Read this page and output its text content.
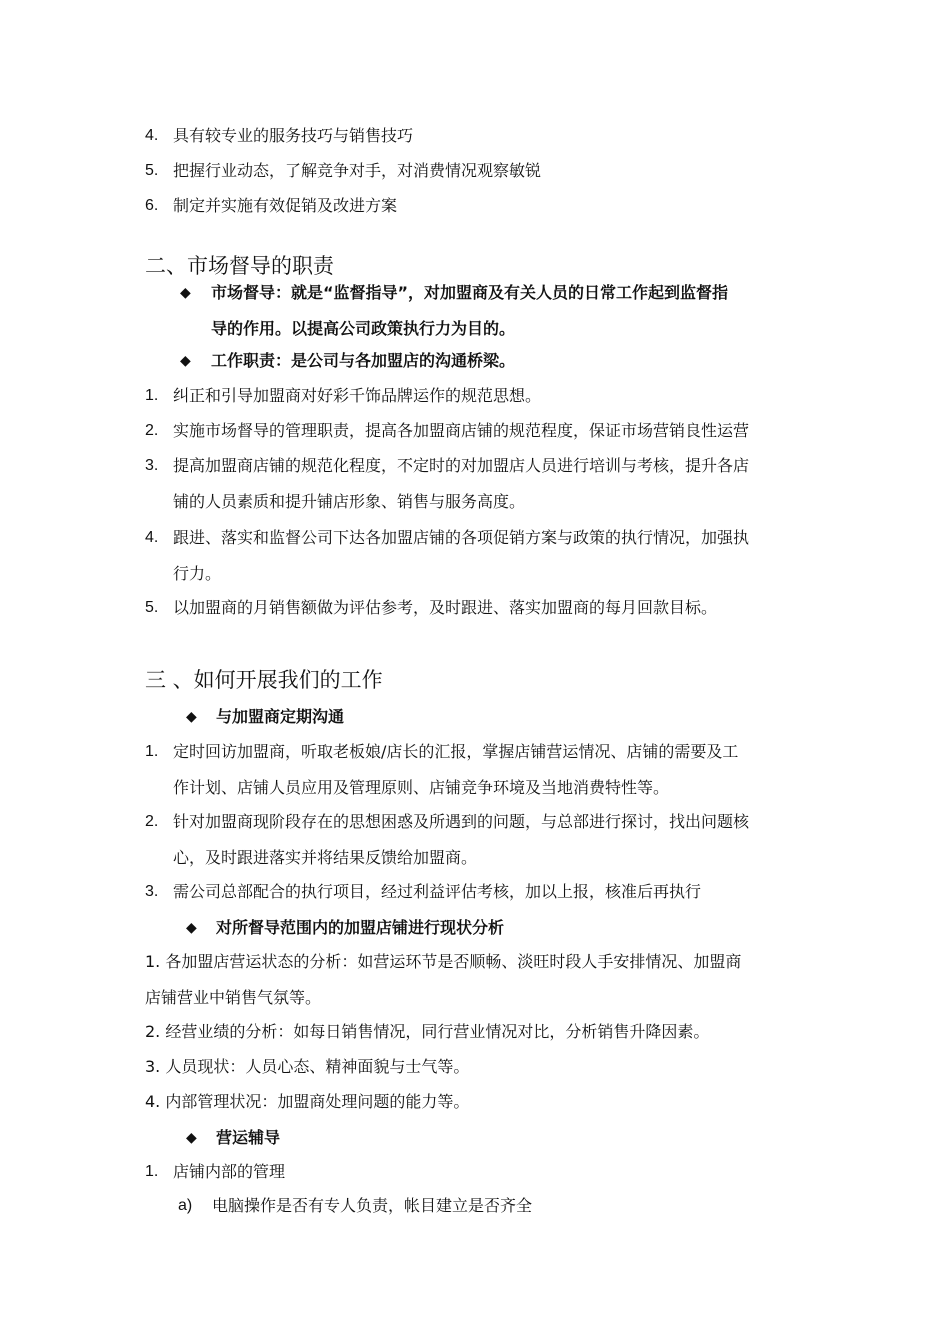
4. 具有较专业的服务技巧与销售技巧
5. 把握行业动态，了解竞争对手，对消费情况观察敏锐
6. 制定并实施有效促销及改进方案
二、市场督导的职责
◆ 市场督导：就是“监督指导”，对加盟商及有关人员的日常工作起到监督指
导的作用。以提高公司政策执行力为目的。
◆ 工作职责：是公司与各加盟店的沟通桥梁。
1. 纠正和引导加盟商对好彩千饰品牌运作的规范思想。
2. 实施市场督导的管理职责，提高各加盟商店铺的规范程度，保证市场营销良性运营
3. 提高加盟商店铺的规范化程度，不定时的对加盟店人员进行培训与考核，提升各店
铺的人员素质和提升铺店形象、销售与服务高度。
4. 跟进、落实和监督公司下达各加盟店铺的各项促销方案与政策的执行情况，加强执
行力。
5. 以加盟商的月销售额做为评估参考，及时跟进、落实加盟商的每月回款目标。
三 、如何开展我们的工作
◆ 与加盟商定期沟通
1. 定时回访加盟商，听取老板娘/店长的汇报，掌握店铺营运情况、店铺的需要及工
作计划、店铺人员应用及管理原则、店铺竞争环境及当地消费特性等。
2. 针对加盟商现阶段存在的思想困惑及所遇到的问题，与总部进行探讨，找出问题核
心，及时跟进落实并将结果反馈给加盟商。
3. 需公司总部配合的执行项目，经过利益评估考核，加以上报，核准后再执行
◆ 对所督导范围内的加盟店铺进行现状分析
1. 各加盟店营运状态的分析：如营运环节是否顺畅、淡旺时段人手安排情况、加盟商
店铺营业中销售气氛等。
2. 经营业绩的分析：如每日销售情况，同行营业情况对比，分析销售升降因素。
3. 人员现状：人员心态、精神面貌与士气等。
4. 内部管理状况：加盟商处理问题的能力等。
◆ 营运辅导
1. 店铺内部的管理
a) 电脑操作是否有专人负责，帐目建立是否齐全
